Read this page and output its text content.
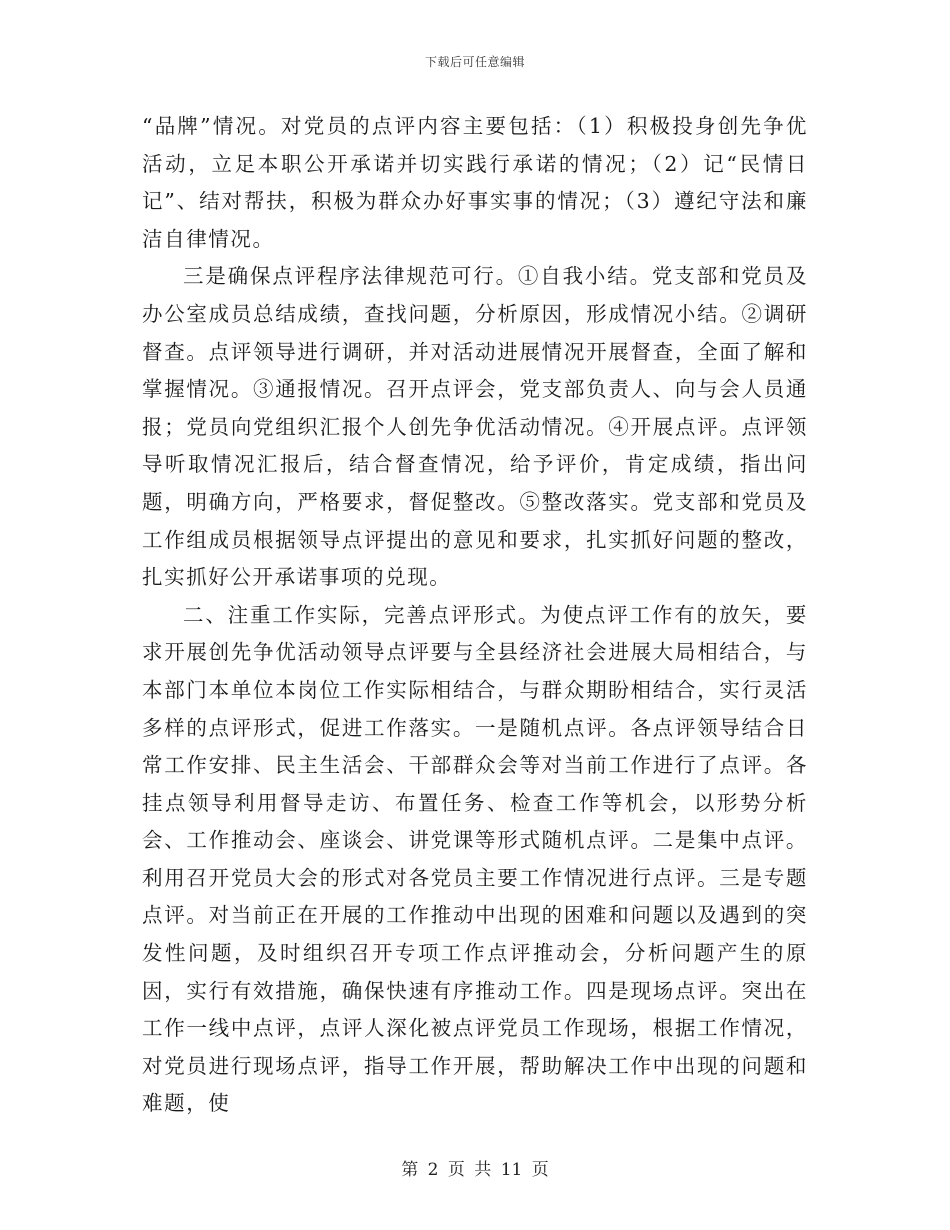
下载后可任意编辑

“品牌”情况。对党员的点评内容主要包括：（1）积极投身创先争优活动，立足本职公开承诺并切实践行承诺的情况；（2）记“民情日记”、结对帮扶，积极为群众办好事实事的情况；（3）遵纪守法和廉洁自律情况。

三是确保点评程序法律规范可行。①自我小结。党支部和党员及办公室成员总结成绩，查找问题，分析原因，形成情况小结。②调研督查。点评领导进行调研，并对活动进展情况开展督查，全面了解和掌握情况。③通报情况。召开点评会，党支部负责人、向与会人员通报；党员向党组织汇报个人创先争优活动情况。④开展点评。点评领导听取情况汇报后，结合督查情况，给予评价，肯定成绩，指出问题，明确方向，严格要求，督促整改。⑤整改落实。党支部和党员及工作组成员根据领导点评提出的意见和要求，扎实抓好问题的整改，扎实抓好公开承诺事项的兑现。

二、注重工作实际，完善点评形式。为使点评工作有的放矢，要求开展创先争优活动领导点评要与全县经济社会进展大局相结合，与本部门本单位本岗位工作实际相结合，与群众期盼相结合，实行灵活多样的点评形式，促进工作落实。一是随机点评。各点评领导结合日常工作安排、民主生活会、干部群众会等对当前工作进行了点评。各挂点领导利用督导走访、布置任务、检查工作等机会，以形势分析会、工作推动会、座谈会、讲党课等形式随机点评。二是集中点评。利用召开党员大会的形式对各党员主要工作情况进行点评。三是专题点评。对当前正在开展的工作推动中出现的困难和问题以及遇到的突发性问题，及时组织召开专项工作点评推动会，分析问题产生的原因，实行有效措施，确保快速有序推动工作。四是现场点评。突出在工作一线中点评，点评人深化被点评党员工作现场，根据工作情况，对党员进行现场点评，指导工作开展，帮助解决工作中出现的问题和难题，使

第 2 页 共 11 页
